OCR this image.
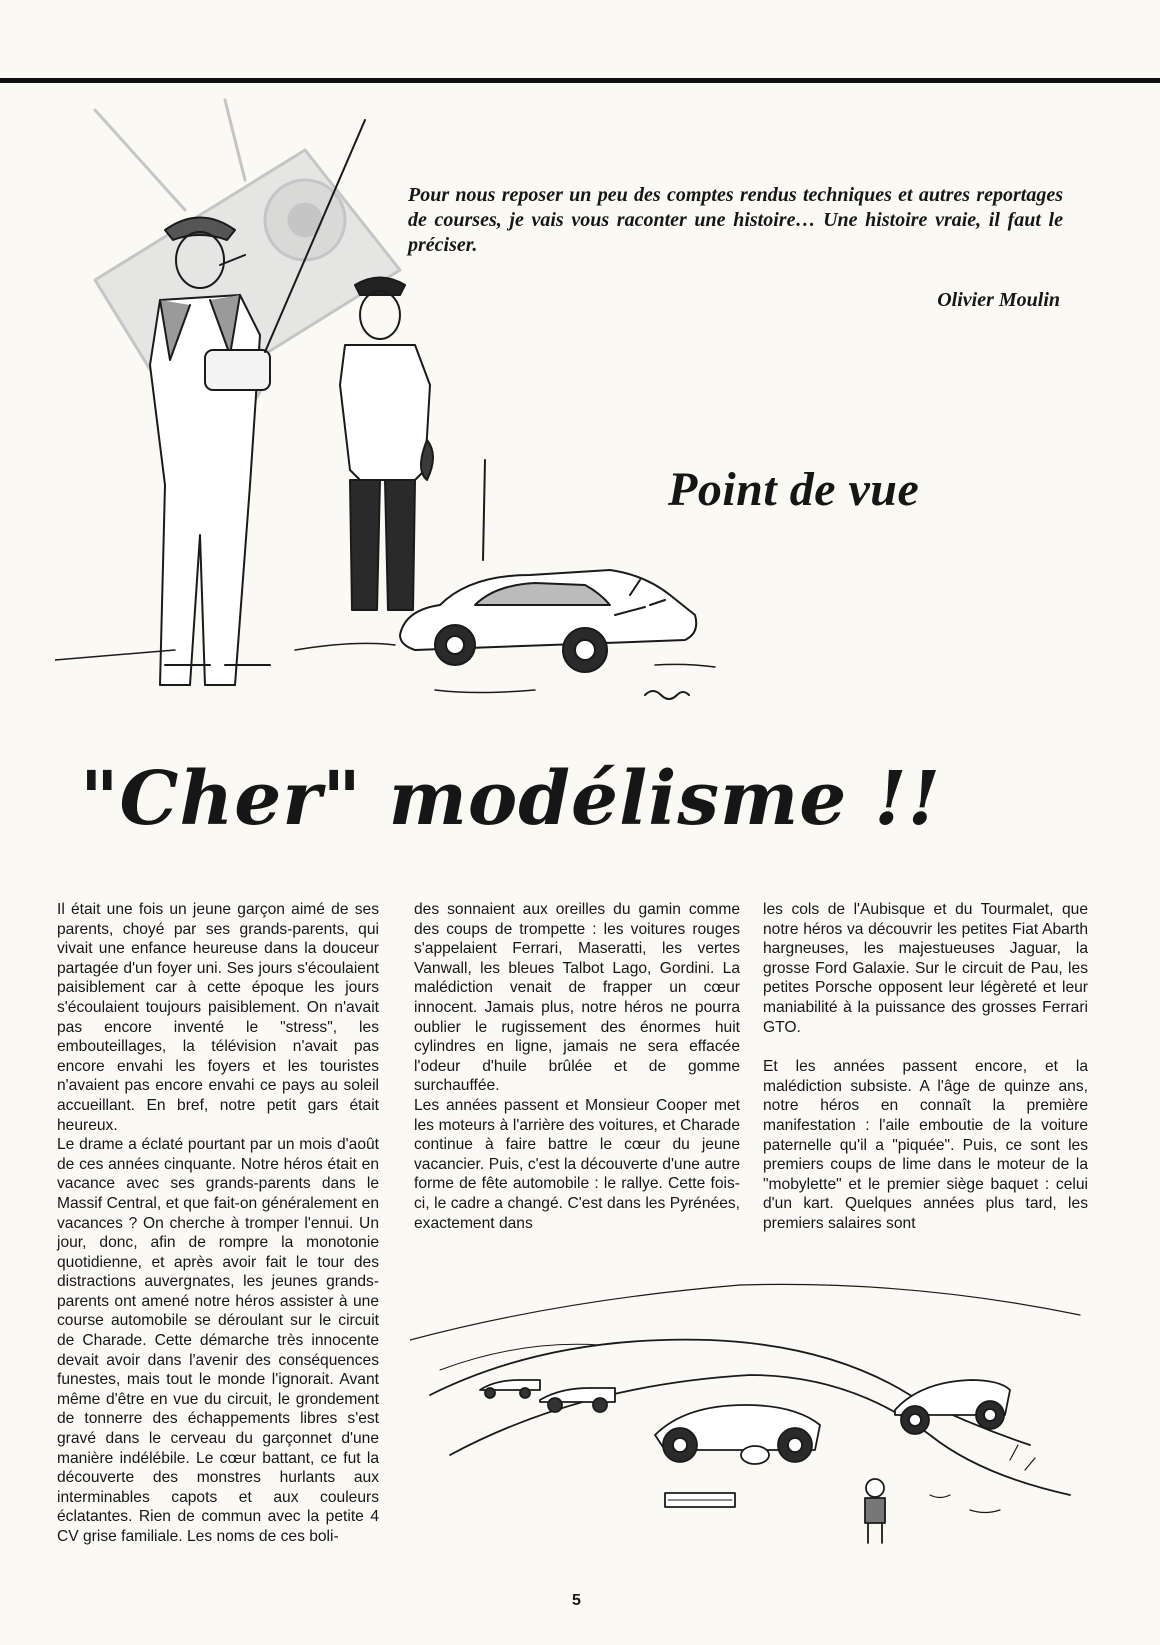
Pour nous reposer un peu des comptes rendus techniques et autres reportages de courses, je vais vous raconter une histoire… Une histoire vraie, il faut le préciser.
Olivier Moulin
Point de vue
"Cher" modélisme !!

Il était une fois un jeune garçon aimé de ses parents, choyé par ses grands-parents, qui vivait une enfance heureuse dans la douceur partagée d'un foyer uni. Ses jours s'écoulaient paisiblement car à cette époque les jours s'écoulaient toujours paisiblement. On n'avait pas encore inventé le "stress", les embouteillages, la télévision n'avait pas encore envahi les foyers et les touristes n'avaient pas encore envahi ce pays au soleil accueillant. En bref, notre petit gars était heureux.

Le drame a éclaté pourtant par un mois d'août de ces années cinquante. Notre héros était en vacance avec ses grands-parents dans le Massif Central, et que fait-on généralement en vacances ? On cherche à tromper l'ennui. Un jour, donc, afin de rompre la monotonie quotidienne, et après avoir fait le tour des distractions auvergnates, les jeunes grands-parents ont amené notre héros assister à une course automobile se déroulant sur le circuit de Charade. Cette démarche très innocente devait avoir dans l'avenir des conséquences funestes, mais tout le monde l'ignorait. Avant même d'être en vue du circuit, le grondement de tonnerre des échappements libres s'est gravé dans le cerveau du garçonnet d'une manière indélébile. Le cœur battant, ce fut la découverte des monstres hurlants aux interminables capots et aux couleurs éclatantes. Rien de commun avec la petite 4 CV grise familiale. Les noms de ces boli-

des sonnaient aux oreilles du gamin comme des coups de trompette : les voitures rouges s'appelaient Ferrari, Maseratti, les vertes Vanwall, les bleues Talbot Lago, Gordini. La malédiction venait de frapper un cœur innocent. Jamais plus, notre héros ne pourra oublier le rugissement des énormes huit cylindres en ligne, jamais ne sera effacée l'odeur d'huile brûlée et de gomme surchauffée.

Les années passent et Monsieur Cooper met les moteurs à l'arrière des voitures, et Charade continue à faire battre le cœur du jeune vacancier. Puis, c'est la découverte d'une autre forme de fête automobile : le rallye. Cette fois-ci, le cadre a changé. C'est dans les Pyrénées, exactement dans

les cols de l'Aubisque et du Tourmalet, que notre héros va découvrir les petites Fiat Abarth hargneuses, les majestueuses Jaguar, la grosse Ford Galaxie. Sur le circuit de Pau, les petites Porsche opposent leur légèreté et leur maniabilité à la puissance des grosses Ferrari GTO.

Et les années passent encore, et la malédiction subsiste. A l'âge de quinze ans, notre héros en connaît la première manifestation : l'aile emboutie de la voiture paternelle qu'il a "piquée". Puis, ce sont les premiers coups de lime dans le moteur de la "mobylette" et le premier siège baquet : celui d'un kart. Quelques années plus tard, les premiers salaires sont

5
